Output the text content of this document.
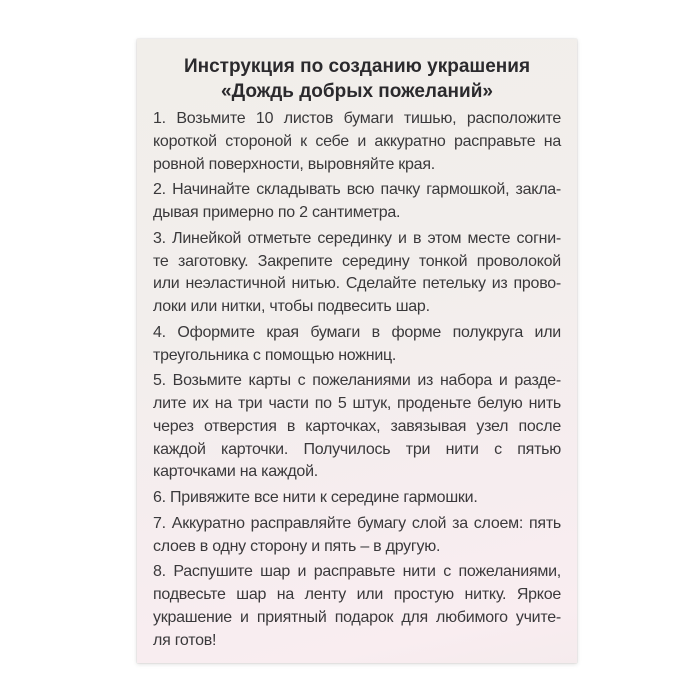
Инструкция по созданию украшения
«Дождь добрых пожеланий»
1. Возьмите 10 листов бумаги тишью, расположите
короткой стороной к себе и аккуратно расправьте на
ровной поверхности, выровняйте края.
2. Начинайте складывать всю пачку гармошкой, закла-
дывая примерно по 2 сантиметра.
3. Линейкой отметьте серединку и в этом месте согни-
те заготовку. Закрепите середину тонкой проволокой
или неэластичной нитью. Сделайте петельку из прово-
локи или нитки, чтобы подвесить шар.
4. Оформите края бумаги в форме полукруга или
треугольника с помощью ножниц.
5. Возьмите карты с пожеланиями из набора и разде-
лите их на три части по 5 штук, проденьте белую нить
через отверстия в карточках, завязывая узел после
каждой карточки. Получилось три нити с пятью
карточками на каждой.
6. Привяжите все нити к середине гармошки.
7. Аккуратно расправляйте бумагу слой за слоем: пять
слоев в одну сторону и пять – в другую.
8. Распушите шар и расправьте нити с пожеланиями,
подвесьте шар на ленту или простую нитку. Яркое
украшение и приятный подарок для любимого учите-
ля готов!
